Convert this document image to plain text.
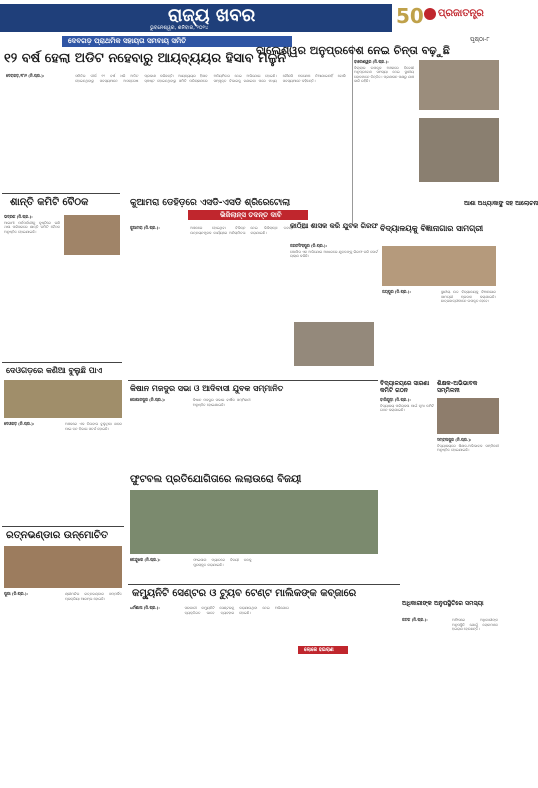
ରାଜ୍ୟ ଖବର
ଭୁବନେଶ୍ୱର, ଶନିବାର, ୨୦୨୪	50 ପ୍ରଜାତନ୍ତ୍ର
ପୃଷ୍ଠା-୮
ଦେବଗଡ଼ ପ୍ରାଥମିକ ସହାୟତା ସମବାୟ ସମିତି
୧୨ ବର୍ଷ ହେଲା ଅଡିଟ ନହେବାରୁ ଆୟବ୍ୟୟର ହିସାବ ମିଳୁନି
ଦେବଗଡ଼,୨୮ା୨ (ନି.ପ୍ର.):	ସମିତିର ଦୀର୍ଘ ୧୨ ବର୍ଷ ଧରି ଅଡିଟ ହୋଇନଥିବାରୁ ସଦସ୍ୟମାନେ ଅସନ୍ତୋଷ ପ୍ରକାଶ କରିଛନ୍ତି। ଆୟବ୍ୟୟର ହିସାବ ସ୍ପଷ୍ଟ ହୋଇନଥିବାରୁ ସମିତି ପରିଚାଳନାରେ ଅନିୟମିତତା ନେଇ ଅଭିଯୋଗ ହୋଇଛି। ସମ୍ପୃକ୍ତ ବିଭାଗକୁ ଜଣାଇବା ପରେ ମଧ୍ୟ କୌଣସି ପଦକ୍ଷେପ ନିଆଯାଇନାହିଁ ବୋଲି ସଦସ୍ୟମାନେ କହିଛନ୍ତି।
ବାଲେଶ୍ୱର ଅନୁପ୍ରବେଶ ନେଇ ଚିନ୍ତା ବଢ଼ୁଛି
ବାଲେଶ୍ୱର (ନି.ପ୍ର.):
ଜିଲ୍ଲାର ଉପକୂଳ ଅଞ୍ଚଳରେ ବିଦେଶୀ ଅନୁପ୍ରବେଶ ସମସ୍ୟା ନେଇ ସ୍ଥାନୀୟ ଲୋକମାନେ ଚିନ୍ତିତ। ପ୍ରଶାସନ ପକ୍ଷରୁ ଯାଞ୍ଚ ଜାରି ରହିଛି।
ଆଶା ଅଧ୍ୟାକାଙ୍କ୍ଷ ସହ ଆଲୋଚନା
ଶାନ୍ତି କମିଟି ବୈଠକ
ଭଦ୍ରକ (ନି.ପ୍ର.):
ଆଗାମୀ ପର୍ବପର୍ବାଣୀକୁ ଦୃଷ୍ଟିରେ ରଖି ଥାନା ପରିସରରେ ଶାନ୍ତି କମିଟି ବୈଠକ ଅନୁଷ୍ଠିତ ହୋଇଯାଇଛି।
କୁଆମରା ଡେହିଡ଼ରେ ଏସଡି-ଏସଡି ଶ୍ରିରେଟୋଲା
ଭିଜିଲାନ୍ସ ତଦନ୍ତ ଦାବି
କୁଆମରା (ନି.ପ୍ର.):	ଅଞ୍ଚଳରେ ହୋଇଥିବା ବିଭିନ୍ନ ଉନ୍ନୟନମୂଳକ କାର୍ଯ୍ୟରେ ଅନିୟମିତତା ନେଇ ଭିଜିଲାନ୍ସ ତଦନ୍ତ ଦାବି କରାଯାଇଛି।
କାଠିଆ ଶାସକ କରି ଯୁବକ ଗିରଫ
ଜଗତସିଂହପୁର (ନି.ପ୍ର.):
ପୋଲିସ ଏକ ଅଭିଯୋଗ ଆଧାରରେ ଯୁବକଙ୍କୁ ଗିରଫ କରି କୋର୍ଟ ଚାଲାଣ କରିଛି।
ବିଦ୍ୟାଳୟକୁ ବିଜ୍ଞାନାଗାର ସାମଗ୍ରୀ
ଜୟପୁର (ନି.ପ୍ର.):	ସ୍ଥାନୀୟ ଉଚ୍ଚ ବିଦ୍ୟାଳୟକୁ ବିଜ୍ଞାନାଗାର ସାମଗ୍ରୀ ପ୍ରଦାନ କରାଯାଇଛି। ଛାତ୍ରଛାତ୍ରୀମାନେ ଉପକୃତ ହେବେ।
ଦେଓଗଡ଼ରେ କଣିଆ ବୁଲୁଛି ପାଏ
ଦେଓଗଡ଼ (ନି.ପ୍ର.):	ଅଞ୍ଚଳରେ ଏକ ଚିତାବାଘ ବୁଲୁଥିବା ଖବର ପାଇ ବନ ବିଭାଗ ସତର୍କ ହୋଇଛି।
କିଷାନ ମଜଦୁର ସଭା ଓ ଆଦିବାସୀ ଯୁବକ ସମ୍ମାନିତ
ଗୋପାଳପୁର (ନି.ପ୍ର.):	କିଷାନ ମଜଦୁର ସଭାର ବାର୍ଷିକ ସମ୍ମିଳନୀ ଅନୁଷ୍ଠିତ ହୋଇଯାଇଛି।
ଫୁଟବଲ ପ୍ରତିଯୋଗିତାରେ ଲଲାଉରୋ ବିଜୟୀ
କେନ୍ଦୁଝର (ନି.ପ୍ର.):	ଫାଇନାଲ ମ୍ୟାଚରେ ବିଜୟୀ ଦଳକୁ ପୁରସ୍କୃତ କରାଯାଇଛି।
ବିଦ୍ୟାଳୟରେ ସାରଣା କମିଟି ଗଠନ
ବାଲିଗୁଡ଼ା (ନି.ପ୍ର.):
ବିଦ୍ୟାଳୟ ପରିଚାଳନା ପାଇଁ ନୂଆ କମିଟି ଗଠନ କରାଯାଇଛି।
ଶିକ୍ଷକ-ଅଭିଭାବକ ସମ୍ମିଳନୀ
ସମ୍ବଲପୁର (ନି.ପ୍ର.):
ବିଦ୍ୟାଳୟରେ ଶିକ୍ଷକ-ଅଭିଭାବକ ସମ୍ମିଳନୀ ଅନୁଷ୍ଠିତ ହୋଇଯାଇଛି।
ରତ୍ନଭଣ୍ଡାର ଉନ୍ମୋଚିତ
ପୁରୀ (ନି.ପ୍ର.):	ଶ୍ରୀମନ୍ଦିର ରତ୍ନଭଣ୍ଡାର ସମ୍ପର୍କିତ ପ୍ରକ୍ରିୟା ଆରମ୍ଭ ହୋଇଛି।	କମ୍ୟୁନିଟି ସେଣ୍ଟର ଓ ଟ୍ୟୁବ ଟେଣ୍ଟ ମାଲିକଙ୍କ କବ୍ଜାରେ
ଲୋକେ ହଇରାଣ
ଧର୍ମଶାଳା (ନି.ପ୍ର.):	ସରକାରୀ କମ୍ୟୁନିଟି ସେଣ୍ଟରକୁ ବ୍ୟକ୍ତିଗତ ଭାବେ ବ୍ୟବହାର କରାଯାଉଥିବା ନେଇ ଅଭିଯୋଗ ହୋଇଛି।
ଅଧିକାରୀଙ୍କ ଅନୁପସ୍ଥିତିରେ ସମସ୍ୟା
କଟକ (ନି.ପ୍ର.):	ଅଫିସରେ ଅଧିକାରୀଙ୍କ ଅନୁପସ୍ଥିତି ଯୋଗୁଁ ଲୋକମାନେ ହଇରାଣ ହେଉଛନ୍ତି।
